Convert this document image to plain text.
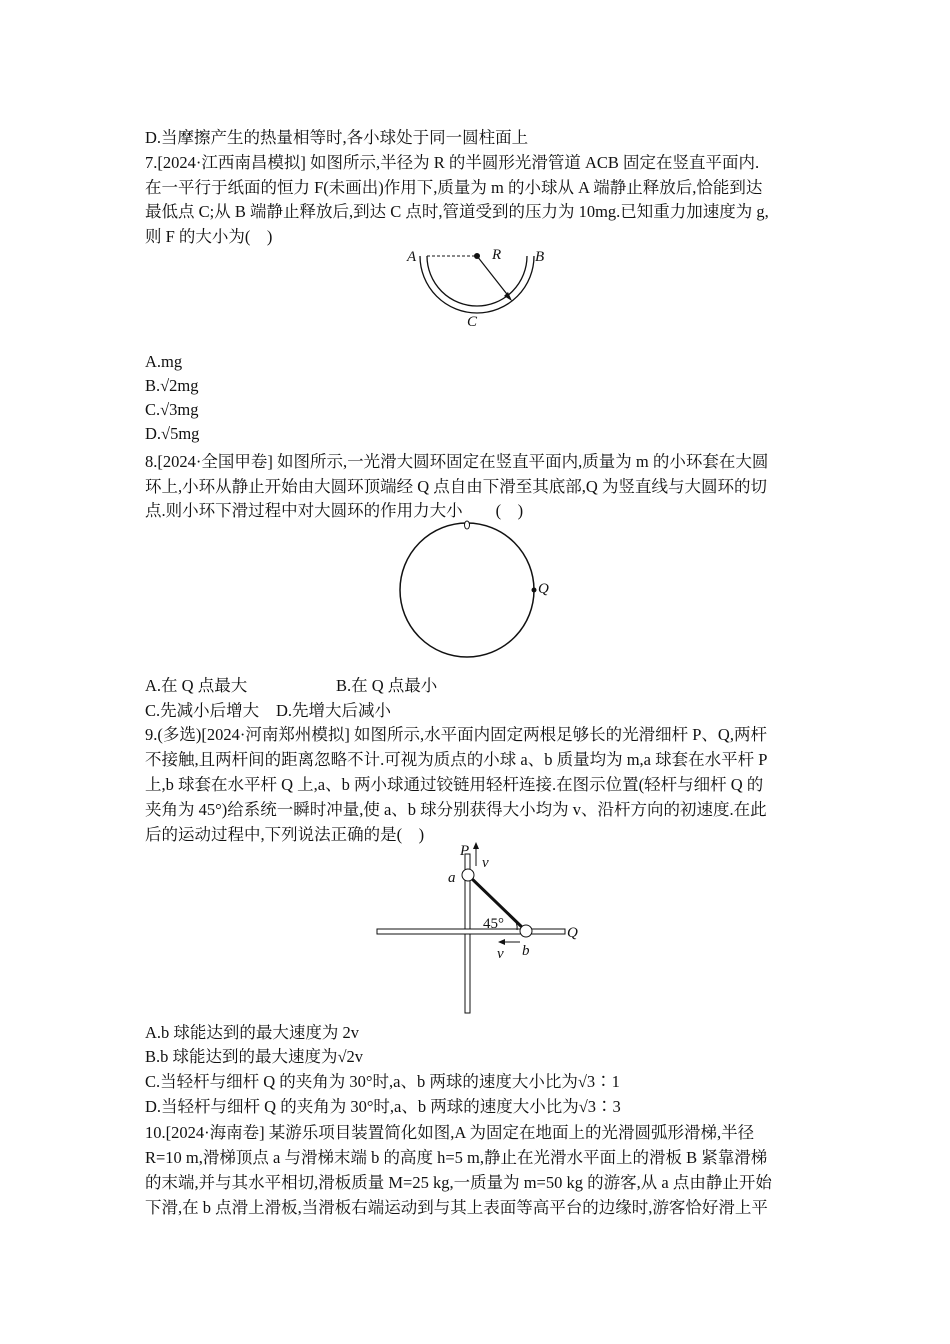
D.当摩擦产生的热量相等时,各小球处于同一圆柱面上
7.[2024·江西南昌模拟] 如图所示,半径为 R 的半圆形光滑管道 ACB 固定在竖直平面内.
在一平行于纸面的恒力 F(未画出)作用下,质量为 m 的小球从 A 端静止释放后,恰能到达
最低点 C;从 B 端静止释放后,到达 C 点时,管道受到的压力为 10mg.已知重力加速度为 g,
则 F 的大小为(　)
A	B
R
C
A.mg
B.√2mg
C.√3mg
D.√5mg
8.[2024·全国甲卷] 如图所示,一光滑大圆环固定在竖直平面内,质量为 m 的小环套在大圆
环上,小环从静止开始由大圆环顶端经 Q 点自由下滑至其底部,Q 为竖直线与大圆环的切
点.则小环下滑过程中对大圆环的作用力大小　　(　)
Q
A.在 Q 点最大	B.在 Q 点最小
C.先减小后增大 D.先增大后减小
9.(多选)[2024·河南郑州模拟] 如图所示,水平面内固定两根足够长的光滑细杆 P、Q,两杆
不接触,且两杆间的距离忽略不计.可视为质点的小球 a、b 质量均为 m,a 球套在水平杆 P
上,b 球套在水平杆 Q 上,a、b 两小球通过铰链用轻杆连接.在图示位置(轻杆与细杆 Q 的
夹角为 45°)给系统一瞬时冲量,使 a、b 球分别获得大小均为 v、沿杆方向的初速度.在此
后的运动过程中,下列说法正确的是(　)
P
v
a
45°
Q
v b
A.b 球能达到的最大速度为 2v
B.b 球能达到的最大速度为√2v
C.当轻杆与细杆 Q 的夹角为 30°时,a、b 两球的速度大小比为√3∶1
D.当轻杆与细杆 Q 的夹角为 30°时,a、b 两球的速度大小比为√3∶3
10.[2024·海南卷] 某游乐项目装置简化如图,A 为固定在地面上的光滑圆弧形滑梯,半径
R=10 m,滑梯顶点 a 与滑梯末端 b 的高度 h=5 m,静止在光滑水平面上的滑板 B 紧靠滑梯
的末端,并与其水平相切,滑板质量 M=25 kg,一质量为 m=50 kg 的游客,从 a 点由静止开始
下滑,在 b 点滑上滑板,当滑板右端运动到与其上表面等高平台的边缘时,游客恰好滑上平
